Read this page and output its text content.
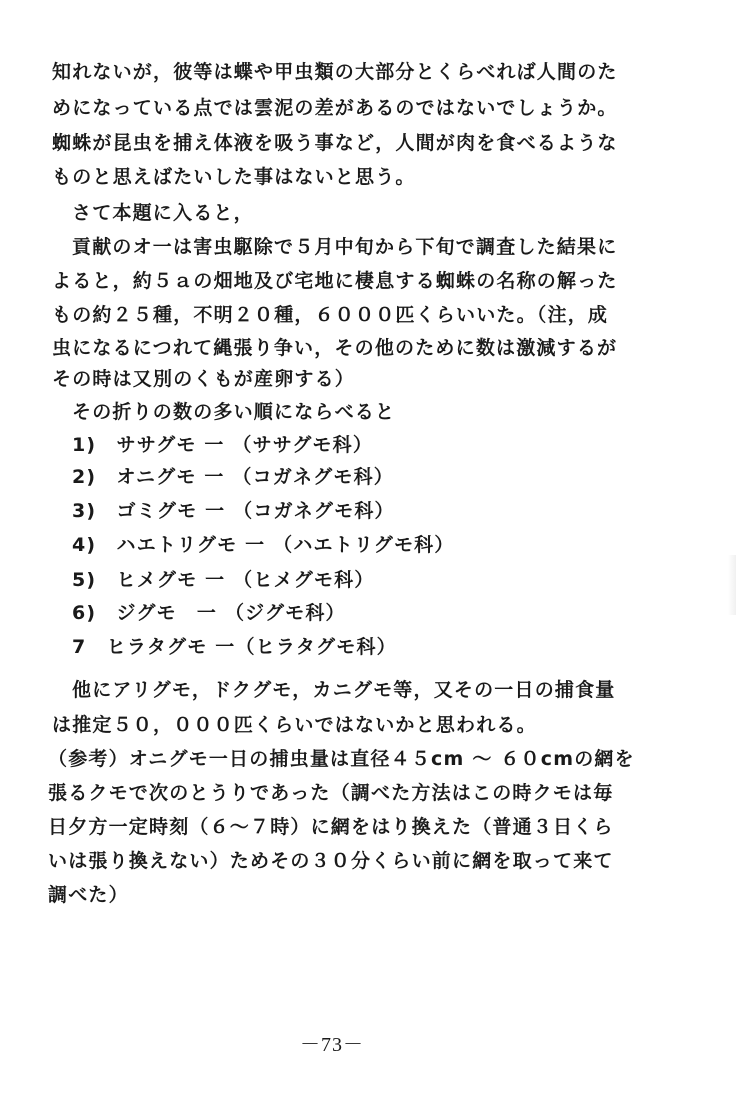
知れないが，彼等は蝶や甲虫類の大部分とくらべれば人間のた
めになっている点では雲泥の差があるのではないでしょうか。
蜘蛛が昆虫を捕え体液を吸う事など，人間が肉を食べるような
ものと思えばたいした事はないと思う。
さて本題に入ると，
貢献のオ一は害虫駆除で５月中旬から下旬で調査した結果に
よると，約５ａの畑地及び宅地に棲息する蜘蛛の名称の解った
もの約２５種，不明２０種，６０００匹くらいいた。（注，成
虫になるにつれて縄張り争い，その他のために数は激減するが
その時は又別のくもが産卵する）
その折りの数の多い順にならべると
1)　ササグモ 一 （ササグモ科）
2)　オニグモ 一 （コガネグモ科）
3)　ゴミグモ 一 （コガネグモ科）
4)　ハエトリグモ 一 （ハエトリグモ科）
5)　ヒメグモ 一 （ヒメグモ科）
6)　ジグモ　一 （ジグモ科）
7　ヒラタグモ 一（ヒラタグモ科）
他にアリグモ，ドクグモ，カニグモ等，又その一日の捕食量
は推定５０，０００匹くらいではないかと思われる。
（参考）オニグモ一日の捕虫量は直径４５cm ～ ６０cmの網を
張るクモで次のとうりであった（調べた方法はこの時クモは毎
日夕方一定時刻（６～７時）に網をはり換えた（普通３日くら
いは張り換えない）ためその３０分くらい前に網を取って来て
調べた）
－73－
